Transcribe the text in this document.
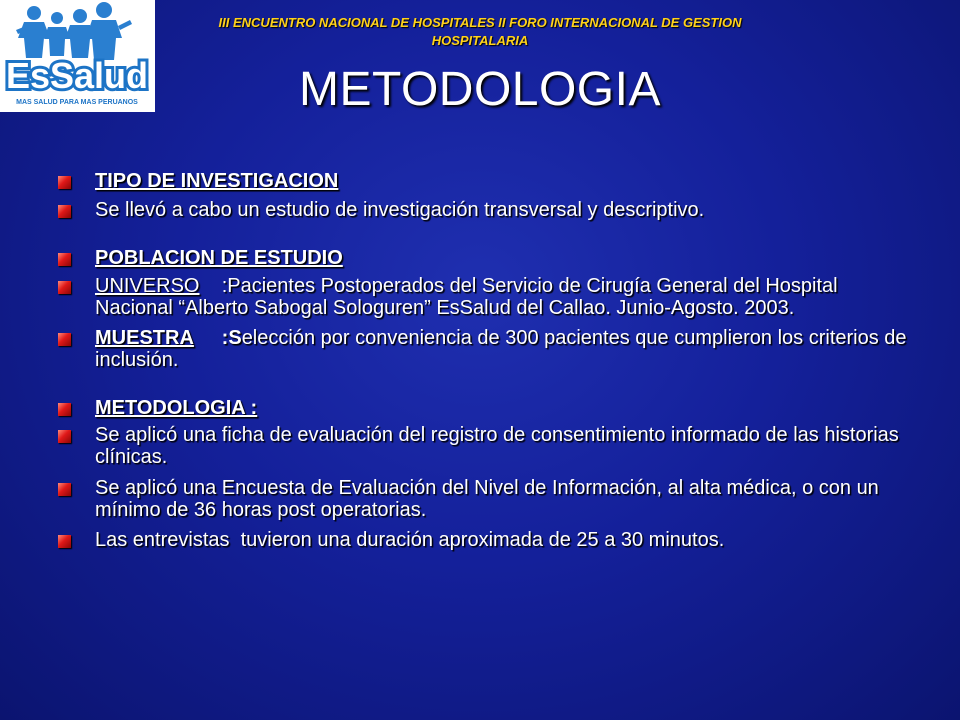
EsSalud
MAS SALUD PARA MAS PERUANOS
III ENCUENTRO NACIONAL DE HOSPITALES II FORO INTERNACIONAL DE GESTION
HOSPITALARIA
METODOLOGIA
TIPO DE INVESTIGACION
Se llevó a cabo un estudio de investigación transversal y descriptivo.
POBLACION DE ESTUDIO
UNIVERSO    :Pacientes Postoperados del Servicio de Cirugía General del Hospital Nacional “Alberto Sabogal Sologuren” EsSalud del Callao. Junio-Agosto. 2003.
MUESTRA     :Selección por conveniencia de 300 pacientes que cumplieron los criterios de inclusión.
METODOLOGIA :
Se aplicó una ficha de evaluación del registro de consentimiento informado de las historias clínicas.
Se aplicó una Encuesta de Evaluación del Nivel de Información, al alta médica, o con un mínimo de 36 horas post operatorias.
Las entrevistas  tuvieron una duración aproximada de 25 a 30 minutos.
